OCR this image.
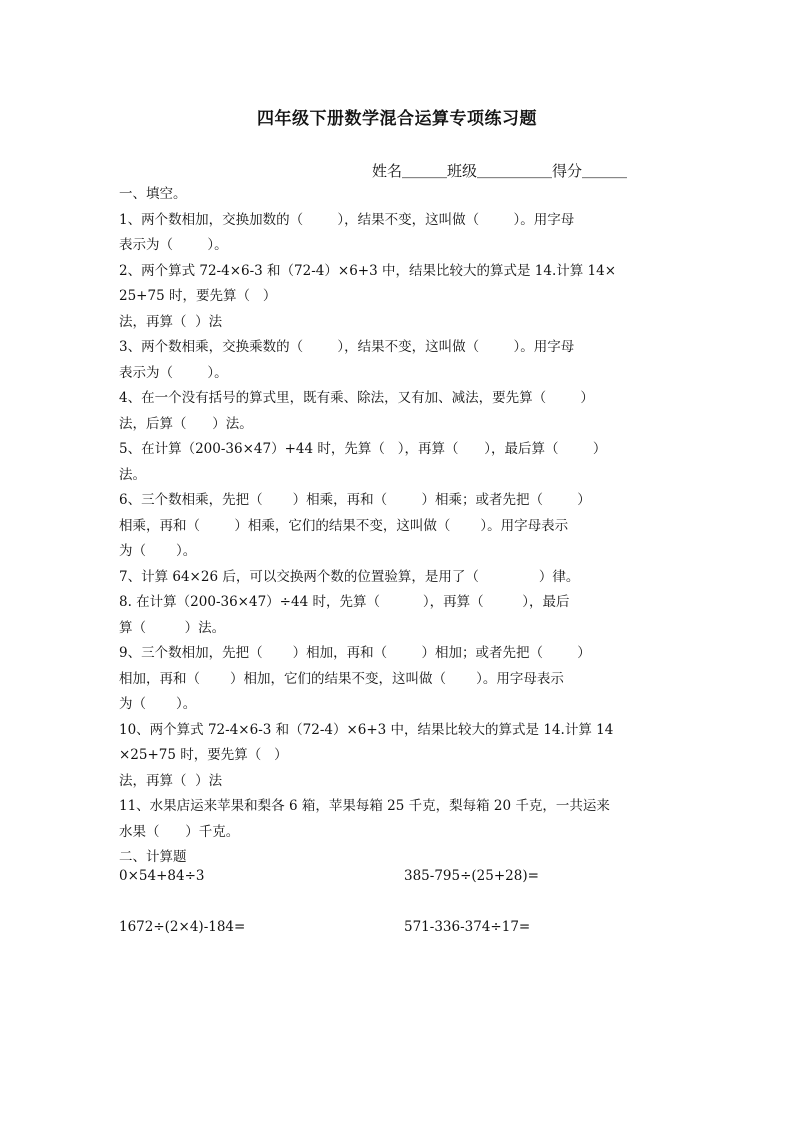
四年级下册数学混合运算专项练习题
姓名＿＿＿班级＿＿＿＿＿得分＿＿＿
一、填空。
1、两个数相加，交换加数的（        ），结果不变，这叫做（        ）。用字母
表示为（        ）。
2、两个算式 72-4×6-3 和（72-4）×6+3 中，结果比较大的算式是 14.计算 14×
25+75 时，要先算（   ）
法，再算（  ）法
3、两个数相乘，交换乘数的（        ），结果不变，这叫做（        ）。用字母
表示为（        ）。
4、在一个没有括号的算式里，既有乘、除法，又有加、减法，要先算（        ）
法，后算（      ）法。
5、在计算（200-36×47）+44 时，先算（   ），再算（      ），最后算（        ）
法。
6、三个数相乘，先把（       ）相乘，再和（        ）相乘；或者先把（        ）
相乘，再和（        ）相乘，它们的结果不变，这叫做（       ）。用字母表示
为（       ）。
7、计算 64×26 后，可以交换两个数的位置验算，是用了（              ）律。
8. 在计算（200-36×47）÷44 时，先算（          ），再算（         ），最后
算（         ）法。
9、三个数相加，先把（       ）相加，再和（        ）相加；或者先把（        ）
相加，再和（       ）相加，它们的结果不变，这叫做（       ）。用字母表示
为（       ）。
10、两个算式 72-4×6-3 和（72-4）×6+3 中，结果比较大的算式是 14.计算 14
×25+75 时，要先算（   ）
法，再算（  ）法
11、水果店运来苹果和梨各 6 箱，苹果每箱 25 千克，梨每箱 20 千克，一共运来
水果（      ）千克。
二、计算题
0×54+84÷3	385-795÷(25+28)=
1672÷(2×4)-184=	571-336-374÷17=
